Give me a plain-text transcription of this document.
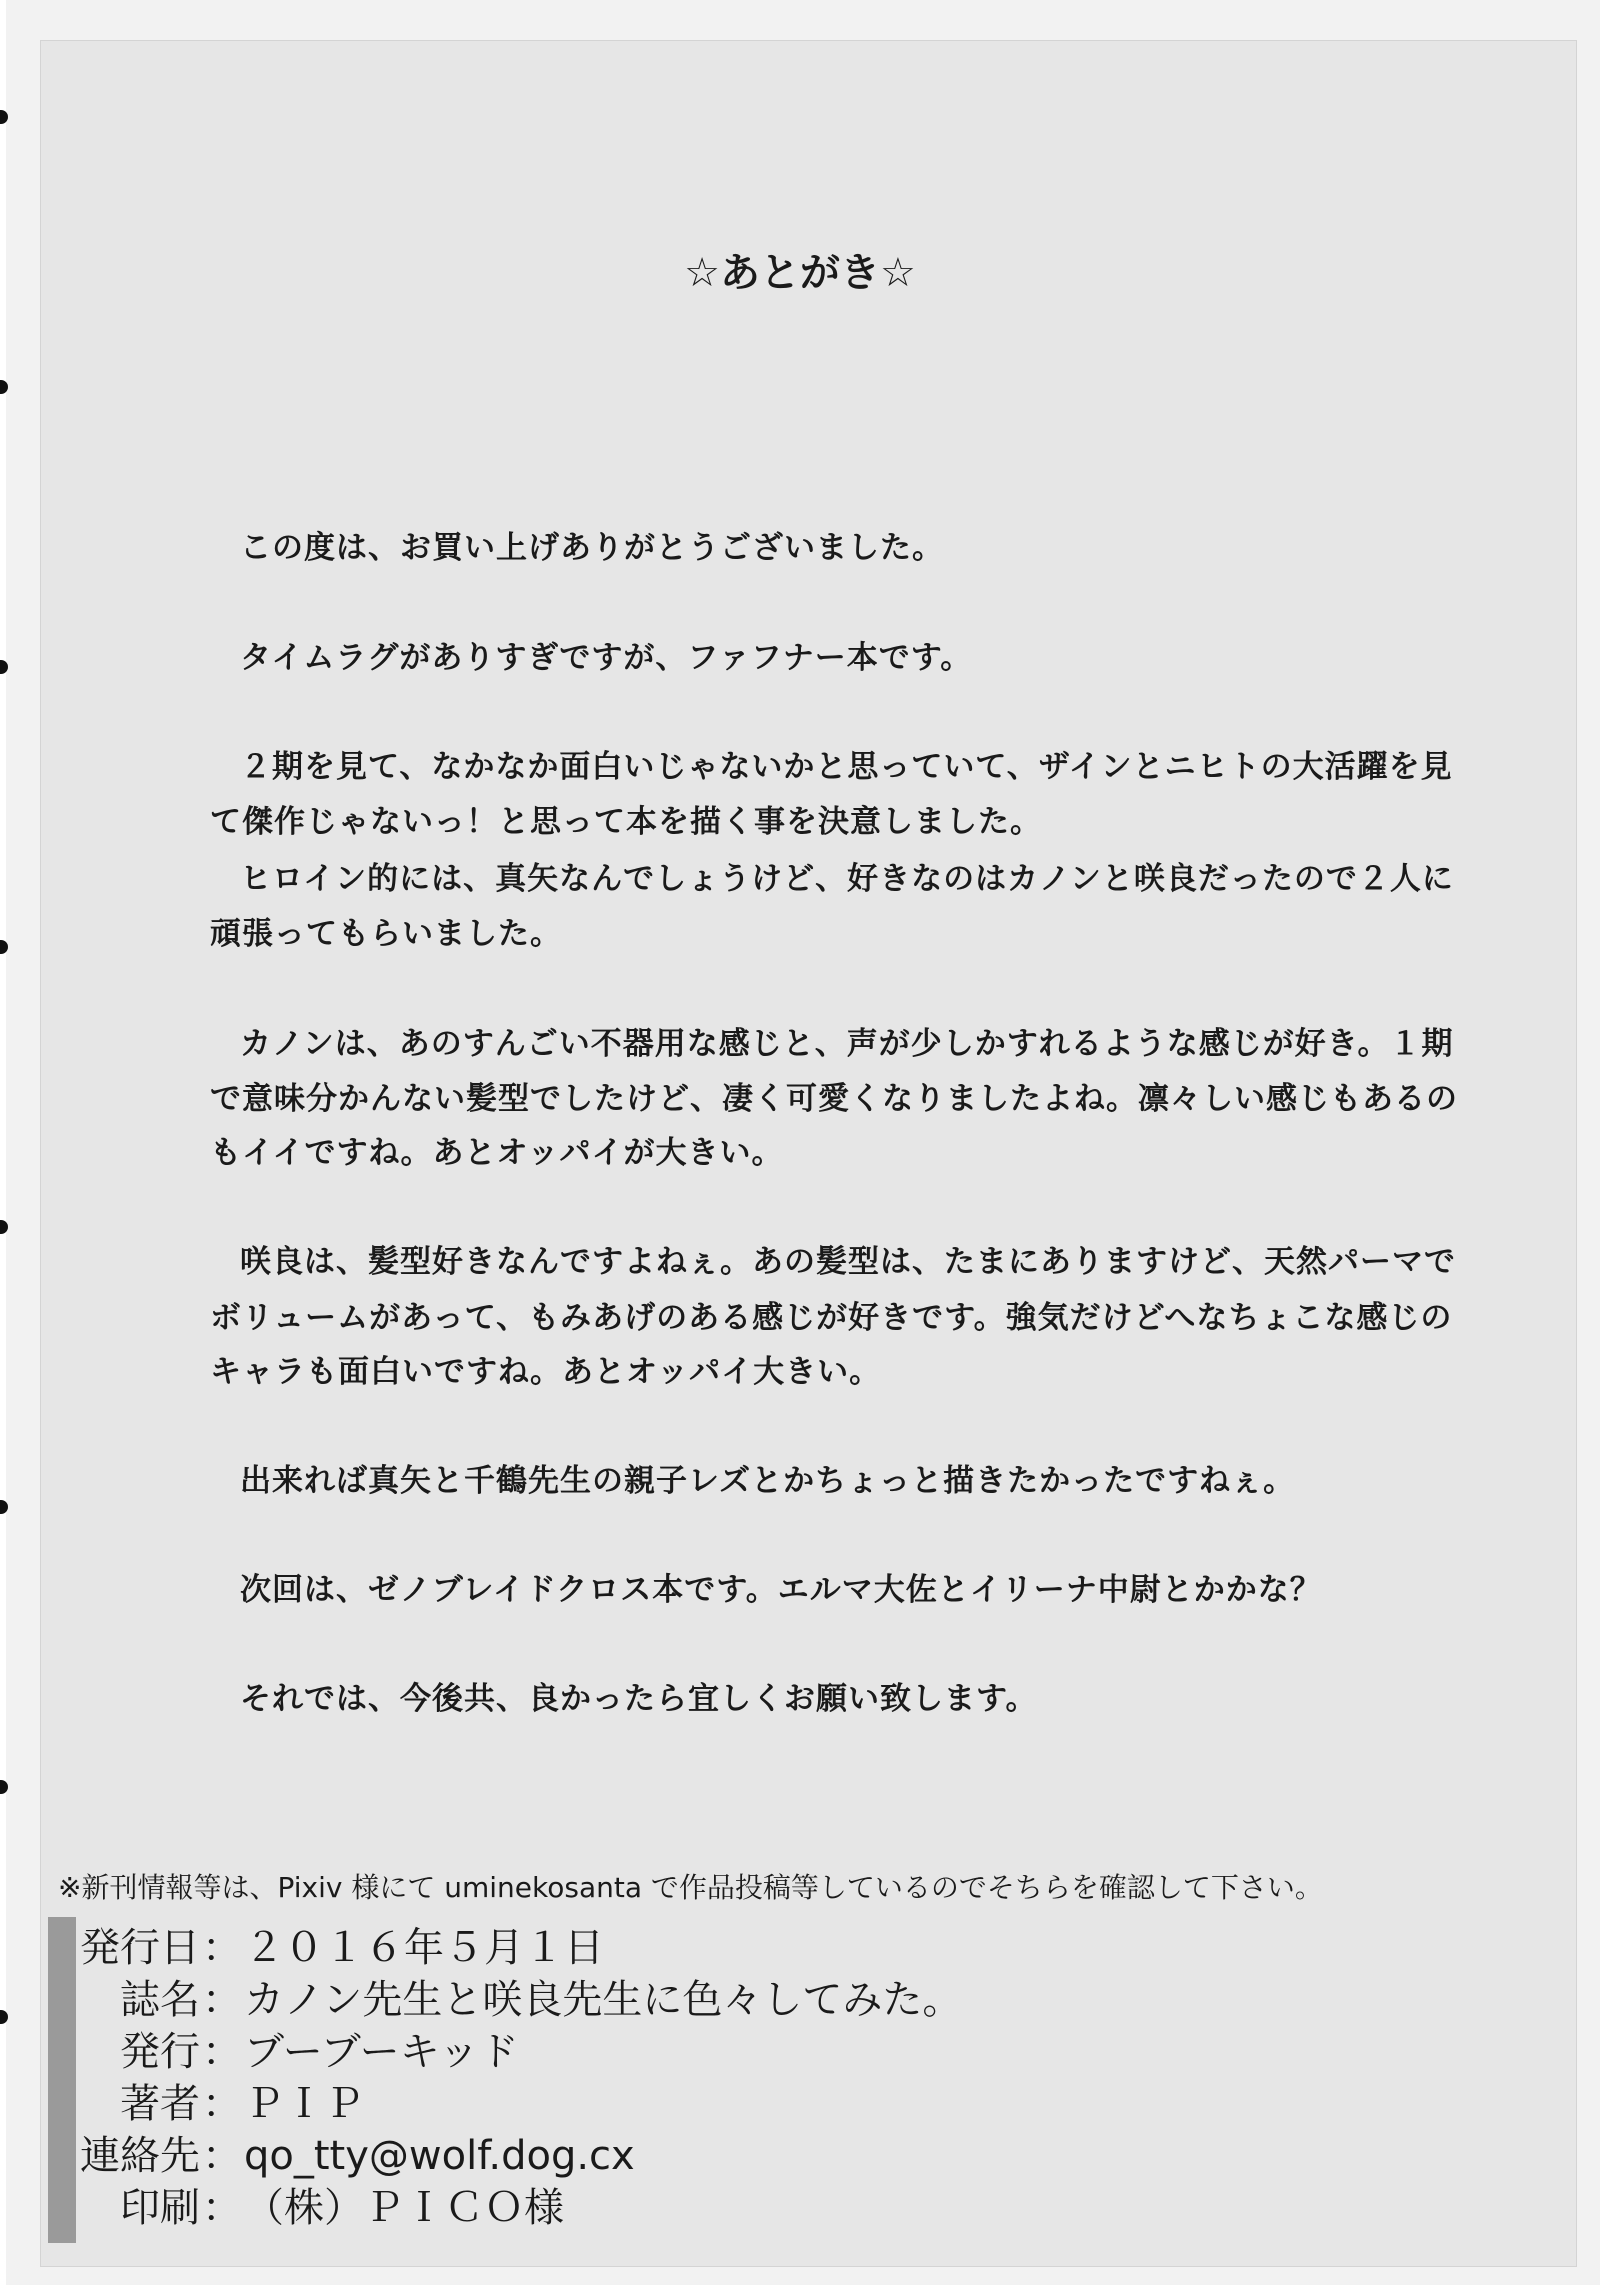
☆あとがき☆
この度は、お買い上げありがとうございました。
タイムラグがありすぎですが、ファフナー本です。
２期を見て、なかなか面白いじゃないかと思っていて、ザインとニヒトの大活躍を見
て傑作じゃないっ！と思って本を描く事を決意しました。
ヒロイン的には、真矢なんでしょうけど、好きなのはカノンと咲良だったので２人に
頑張ってもらいました。
カノンは、あのすんごい不器用な感じと、声が少しかすれるような感じが好き。１期
で意味分かんない髪型でしたけど、凄く可愛くなりましたよね。凛々しい感じもあるの
もイイですね。あとオッパイが大きい。
咲良は、髪型好きなんですよねぇ。あの髪型は、たまにありますけど、天然パーマで
ボリュームがあって、もみあげのある感じが好きです。強気だけどへなちょこな感じの
キャラも面白いですね。あとオッパイ大きい。
出来れば真矢と千鶴先生の親子レズとかちょっと描きたかったですねぇ。
次回は、ゼノブレイドクロス本です。エルマ大佐とイリーナ中尉とかかな？
それでは、今後共、良かったら宜しくお願い致します。
※新刊情報等は、Pixiv 様にて uminekosanta で作品投稿等しているのでそちらを確認して下さい。
発行日 ： ２０１６年５月１日
誌名 ： カノン先生と咲良先生に色々してみた。
発行 ： ブーブーキッド
著者 ： ＰＩＰ
連絡先 ： qo_tty@wolf.dog.cx
印刷 ： （株）ＰＩＣＯ様
